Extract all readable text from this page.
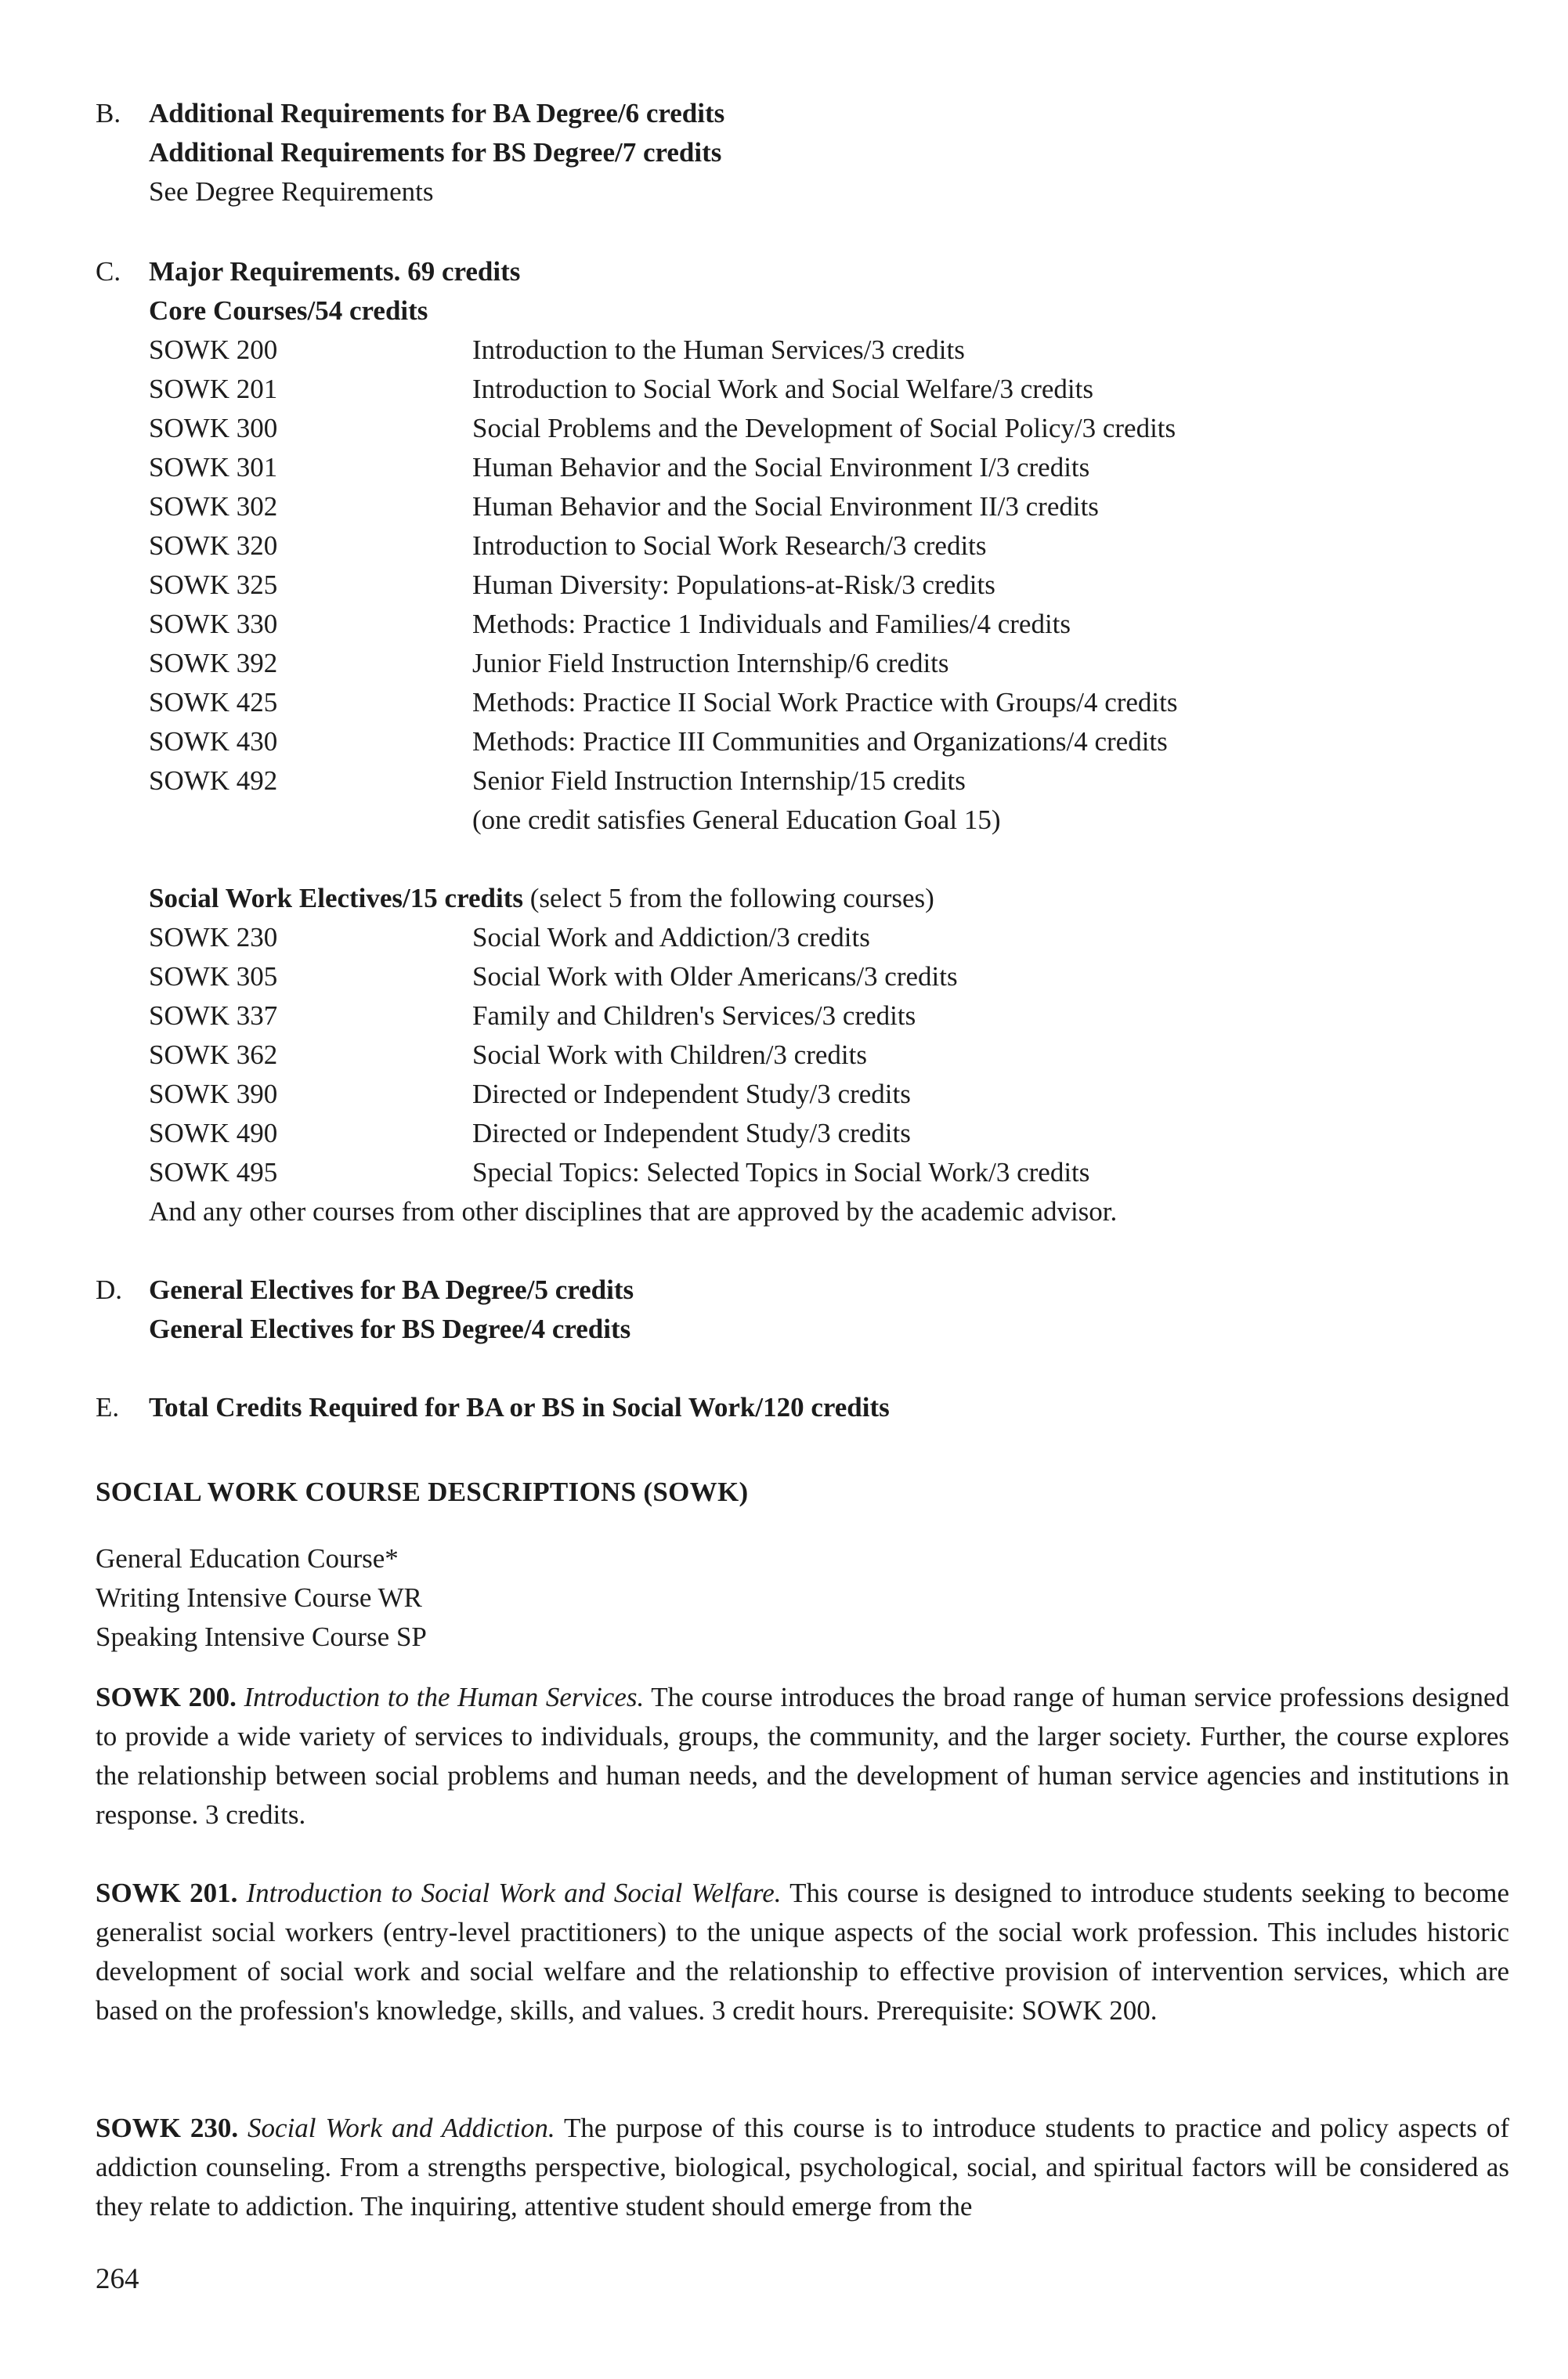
B. Additional Requirements for BA Degree/6 credits
Additional Requirements for BS Degree/7 credits
See Degree Requirements
C. Major Requirements. 69 credits
Core Courses/54 credits
SOWK 200	Introduction to the Human Services/3 credits
SOWK 201	Introduction to Social Work and Social Welfare/3 credits
SOWK 300	Social Problems and the Development of Social Policy/3 credits
SOWK 301	Human Behavior and the Social Environment I/3 credits
SOWK 302	Human Behavior and the Social Environment II/3 credits
SOWK 320	Introduction to Social Work Research/3 credits
SOWK 325	Human Diversity: Populations-at-Risk/3 credits
SOWK 330	Methods: Practice 1 Individuals and Families/4 credits
SOWK 392	Junior Field Instruction Internship/6 credits
SOWK 425	Methods: Practice II Social Work Practice with Groups/4 credits
SOWK 430	Methods: Practice III Communities and Organizations/4 credits
SOWK 492	Senior Field Instruction Internship/15 credits
(one credit satisfies General Education Goal 15)
Social Work Electives/15 credits (select 5 from the following courses)
SOWK 230	Social Work and Addiction/3 credits
SOWK 305	Social Work with Older Americans/3 credits
SOWK 337	Family and Children's Services/3 credits
SOWK 362	Social Work with Children/3 credits
SOWK 390	Directed or Independent Study/3 credits
SOWK 490	Directed or Independent Study/3 credits
SOWK 495	Special Topics: Selected Topics in Social Work/3 credits
And any other courses from other disciplines that are approved by the academic advisor.
D. General Electives for BA Degree/5 credits
General Electives for BS Degree/4 credits
E. Total Credits Required for BA or BS in Social Work/120 credits
SOCIAL WORK COURSE DESCRIPTIONS (SOWK)
General Education Course*
Writing Intensive Course WR
Speaking Intensive Course SP
SOWK 200. Introduction to the Human Services. The course introduces the broad range of human service professions designed to provide a wide variety of services to individuals, groups, the community, and the larger society. Further, the course explores the relationship between social problems and human needs, and the development of human service agencies and institutions in response. 3 credits.
SOWK 201. Introduction to Social Work and Social Welfare. This course is designed to introduce students seeking to become generalist social workers (entry-level practitioners) to the unique aspects of the social work profession. This includes historic development of social work and social welfare and the relationship to effective provision of intervention services, which are based on the profession's knowledge, skills, and values. 3 credit hours. Prerequisite: SOWK 200.
SOWK 230. Social Work and Addiction. The purpose of this course is to introduce students to practice and policy aspects of addiction counseling. From a strengths perspective, biological, psychological, social, and spiritual factors will be considered as they relate to addiction. The inquiring, attentive student should emerge from the
264
